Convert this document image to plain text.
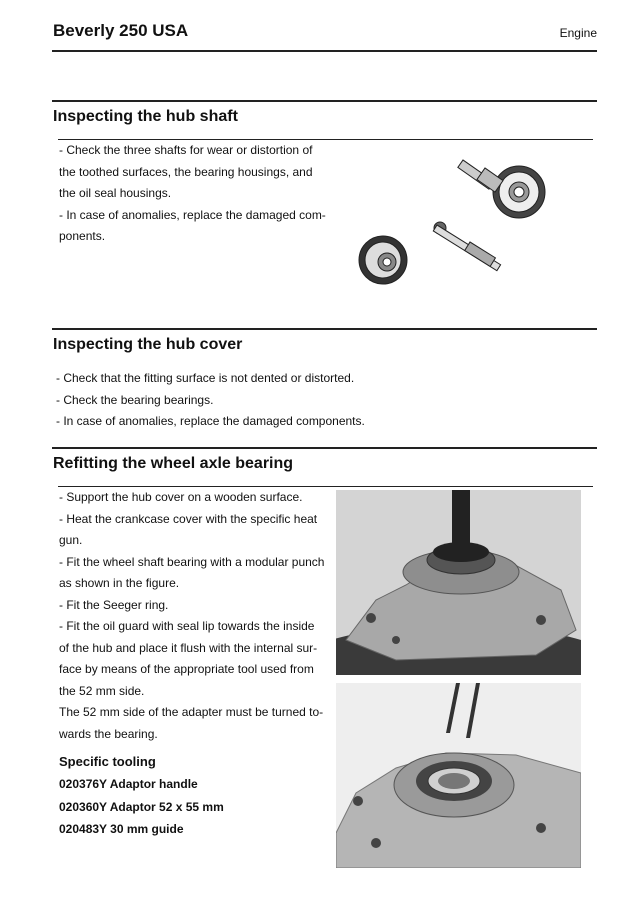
Beverly 250 USA	Engine
Inspecting the hub shaft
- Check the three shafts for wear or distortion of
the toothed surfaces, the bearing housings, and
the oil seal housings.
- In case of anomalies, replace the damaged com-
ponents.
Inspecting the hub cover
- Check that the fitting surface is not dented or distorted.
- Check the bearing bearings.
- In case of anomalies, replace the damaged components.
Refitting the wheel axle bearing
- Support the hub cover on a wooden surface.
- Heat the crankcase cover with the specific heat
gun.
- Fit the wheel shaft bearing with a modular punch
as shown in the figure.
- Fit the Seeger ring.
- Fit the oil guard with seal lip towards the inside
of the hub and place it flush with the internal sur-
face by means of the appropriate tool used from
the 52 mm side.
The 52 mm side of the adapter must be turned to-
wards the bearing.
Specific tooling
020376Y Adaptor handle
020360Y Adaptor 52 x 55 mm
020483Y 30 mm guide
